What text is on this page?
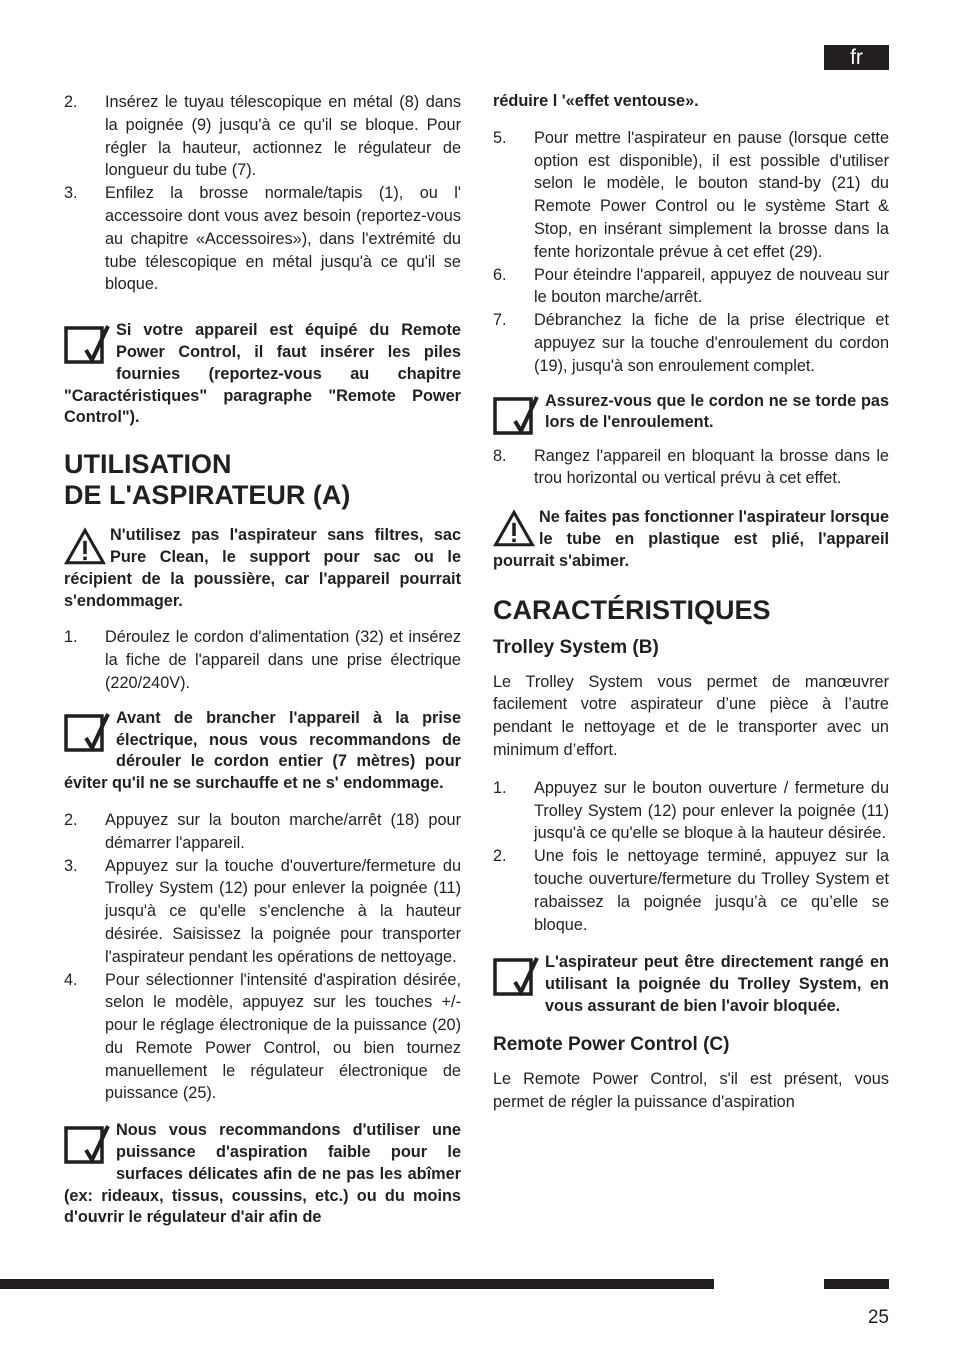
fr
2. Insérez le tuyau télescopique en métal (8) dans la poignée (9) jusqu'à ce qu'il se bloque. Pour régler la hauteur, actionnez le régulateur de longueur du tube (7).
3. Enfilez la brosse normale/tapis (1), ou l' accessoire dont vous avez besoin (reportez-vous au chapitre «Accessoires»), dans l'extrémité du tube télescopique en métal jusqu'à ce qu'il se bloque.
Si votre appareil est équipé du Remote Power Control, il faut insérer les piles fournies (reportez-vous au chapitre "Caractéristiques" paragraphe "Remote Power Control").
UTILISATION
DE L'ASPIRATEUR (A)
N'utilisez pas l'aspirateur sans filtres, sac Pure Clean, le support pour sac ou le récipient de la poussière, car l'appareil pourrait s'endommager.
1. Déroulez le cordon d'alimentation (32) et insérez la fiche de l'appareil dans une prise électrique (220/240V).
Avant de brancher l'appareil à la prise électrique, nous vous recommandons de dérouler le cordon entier (7 mètres) pour éviter qu'il ne se surchauffe et ne s' endommage.
2. Appuyez sur la bouton marche/arrêt (18) pour démarrer l'appareil.
3. Appuyez sur la touche d'ouverture/fermeture du Trolley System (12) pour enlever la poignée (11) jusqu'à ce qu'elle s'enclenche à la hauteur désirée. Saisissez la poignée pour transporter l'aspirateur pendant les opérations de nettoyage.
4. Pour sélectionner l'intensité d'aspiration désirée, selon le modèle, appuyez sur les touches +/- pour le réglage électronique de la puissance (20) du Remote Power Control, ou bien tournez manuellement le régulateur électronique de puissance (25).
Nous vous recommandons d'utiliser une puissance d'aspiration faible pour le surfaces délicates afin de ne pas les abîmer (ex: rideaux, tissus, coussins, etc.) ou du moins d'ouvrir le régulateur d'air afin de

réduire l '«effet ventouse».

5. Pour mettre l'aspirateur en pause (lorsque cette option est disponible), il est possible d'utiliser selon le modèle, le bouton stand-by (21) du Remote Power Control ou le système Start & Stop, en insérant simplement la brosse dans la fente horizontale prévue à cet effet (29).
6. Pour éteindre l'appareil, appuyez de nouveau sur le bouton marche/arrêt.
7. Débranchez la fiche de la prise électrique et appuyez sur la touche d'enroulement du cordon (19), jusqu'à son enroulement complet.
Assurez-vous que le cordon ne se torde pas lors de l'enroulement.
8. Rangez l'appareil en bloquant la brosse dans le trou horizontal ou vertical prévu à cet effet.
Ne faites pas fonctionner l'aspirateur lorsque le tube en plastique est plié, l'appareil pourrait s'abimer.
CARACTÉRISTIQUES
Trolley System (B)

Le Trolley System vous permet de manœuvrer facilement votre aspirateur d’une pièce à l’autre pendant le nettoyage et de le transporter avec un minimum d’effort.

1. Appuyez sur le bouton ouverture / fermeture du Trolley System (12) pour enlever la poignée (11) jusqu'à ce qu'elle se bloque à la hauteur désirée.
2. Une fois le nettoyage terminé, appuyez sur la touche ouverture/fermeture du Trolley System et rabaissez la poignée jusqu’à ce qu’elle se bloque.
L'aspirateur peut être directement rangé en utilisant la poignée du Trolley System, en vous assurant de bien l'avoir bloquée.
Remote Power Control (C)

Le Remote Power Control, s'il est présent, vous permet de régler la puissance d'aspiration

25
